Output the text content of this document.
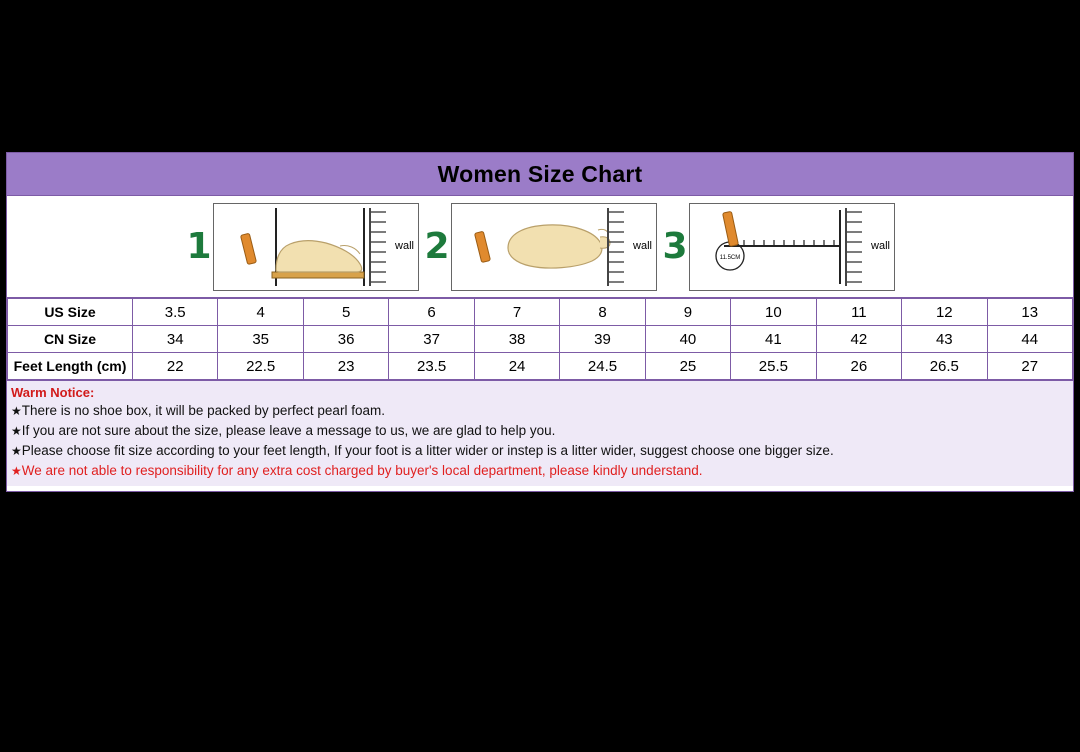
Women Size Chart
1	wall 2	wall 3	11.5CM
wall
US Size	3.5	4	5	6	7	8	9	10	11	12	13
CN Size	34	35	36	37	38	39	40	41	42	43	44
Feet Length (cm)	22	22.5	23	23.5	24	24.5	25	25.5	26	26.5	27
Warm Notice:
★There is no shoe box, it will be packed by perfect pearl foam.
★If you are not sure about the size, please leave a message to us, we are glad to help you.
★Please choose fit size according to your feet length, If your foot is a litter wider or instep is a litter wider, suggest choose one bigger size.
★We are not able to responsibility for any extra cost charged by buyer's local department, please kindly understand.
